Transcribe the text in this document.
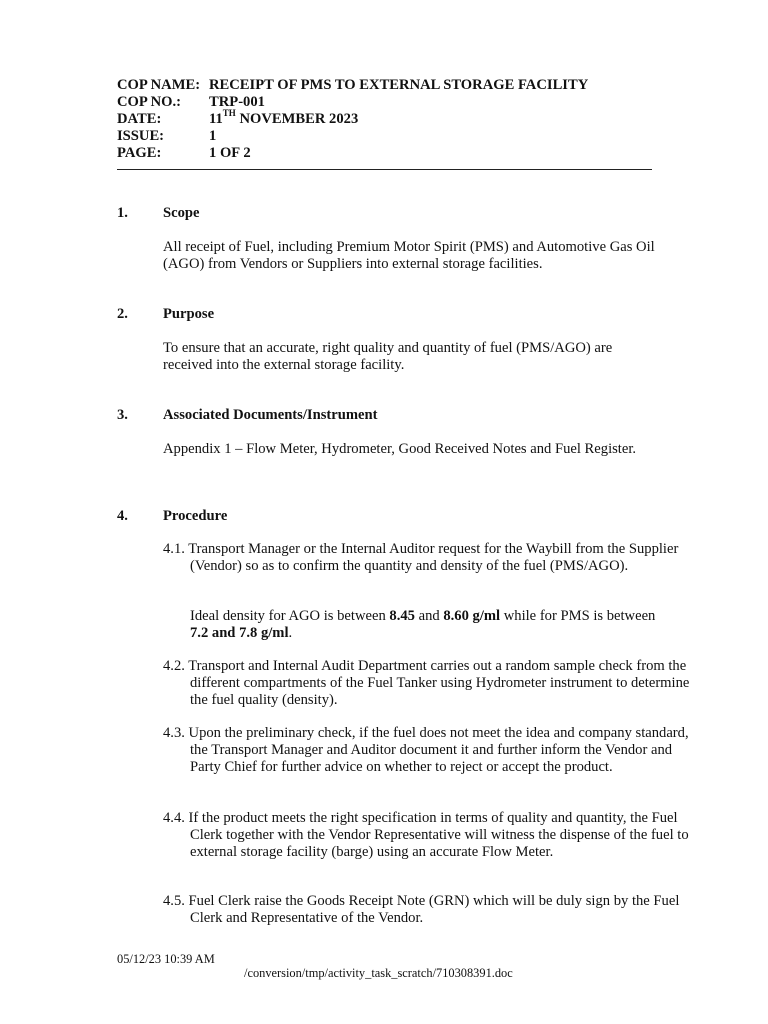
COP NAME: RECEIPT OF PMS TO EXTERNAL STORAGE FACILITY
COP NO.:	TRP-001
DATE:	11TH NOVEMBER 2023
ISSUE:	1
PAGE:	1 OF 2
1.	Scope
All receipt of Fuel, including Premium Motor Spirit (PMS) and Automotive Gas Oil (AGO) from Vendors or Suppliers into external storage facilities.
2.	Purpose
To ensure that an accurate, right quality and quantity of fuel (PMS/AGO) are received into the external storage facility.
3.	Associated Documents/Instrument
Appendix 1 – Flow Meter, Hydrometer, Good Received Notes and Fuel Register.
4.	Procedure
4.1. Transport Manager or the Internal Auditor request for the Waybill from the Supplier (Vendor) so as to confirm the quantity and density of the fuel (PMS/AGO).
Ideal density for AGO is between 8.45 and 8.60 g/ml while for PMS is between 7.2 and 7.8 g/ml.
4.2. Transport and Internal Audit Department carries out a random sample check from the different compartments of the Fuel Tanker using Hydrometer instrument to determine the fuel quality (density).
4.3. Upon the preliminary check, if the fuel does not meet the idea and company standard, the Transport Manager and Auditor document it and further inform the Vendor and Party Chief for further advice on whether to reject or accept the product.
4.4. If the product meets the right specification in terms of quality and quantity, the Fuel Clerk together with the Vendor Representative will witness the dispense of the fuel to external storage facility (barge) using an accurate Flow Meter.
4.5. Fuel Clerk raise the Goods Receipt Note (GRN) which will be duly sign by the Fuel Clerk and Representative of the Vendor.
05/12/23 10:39 AM
/conversion/tmp/activity_task_scratch/710308391.doc
